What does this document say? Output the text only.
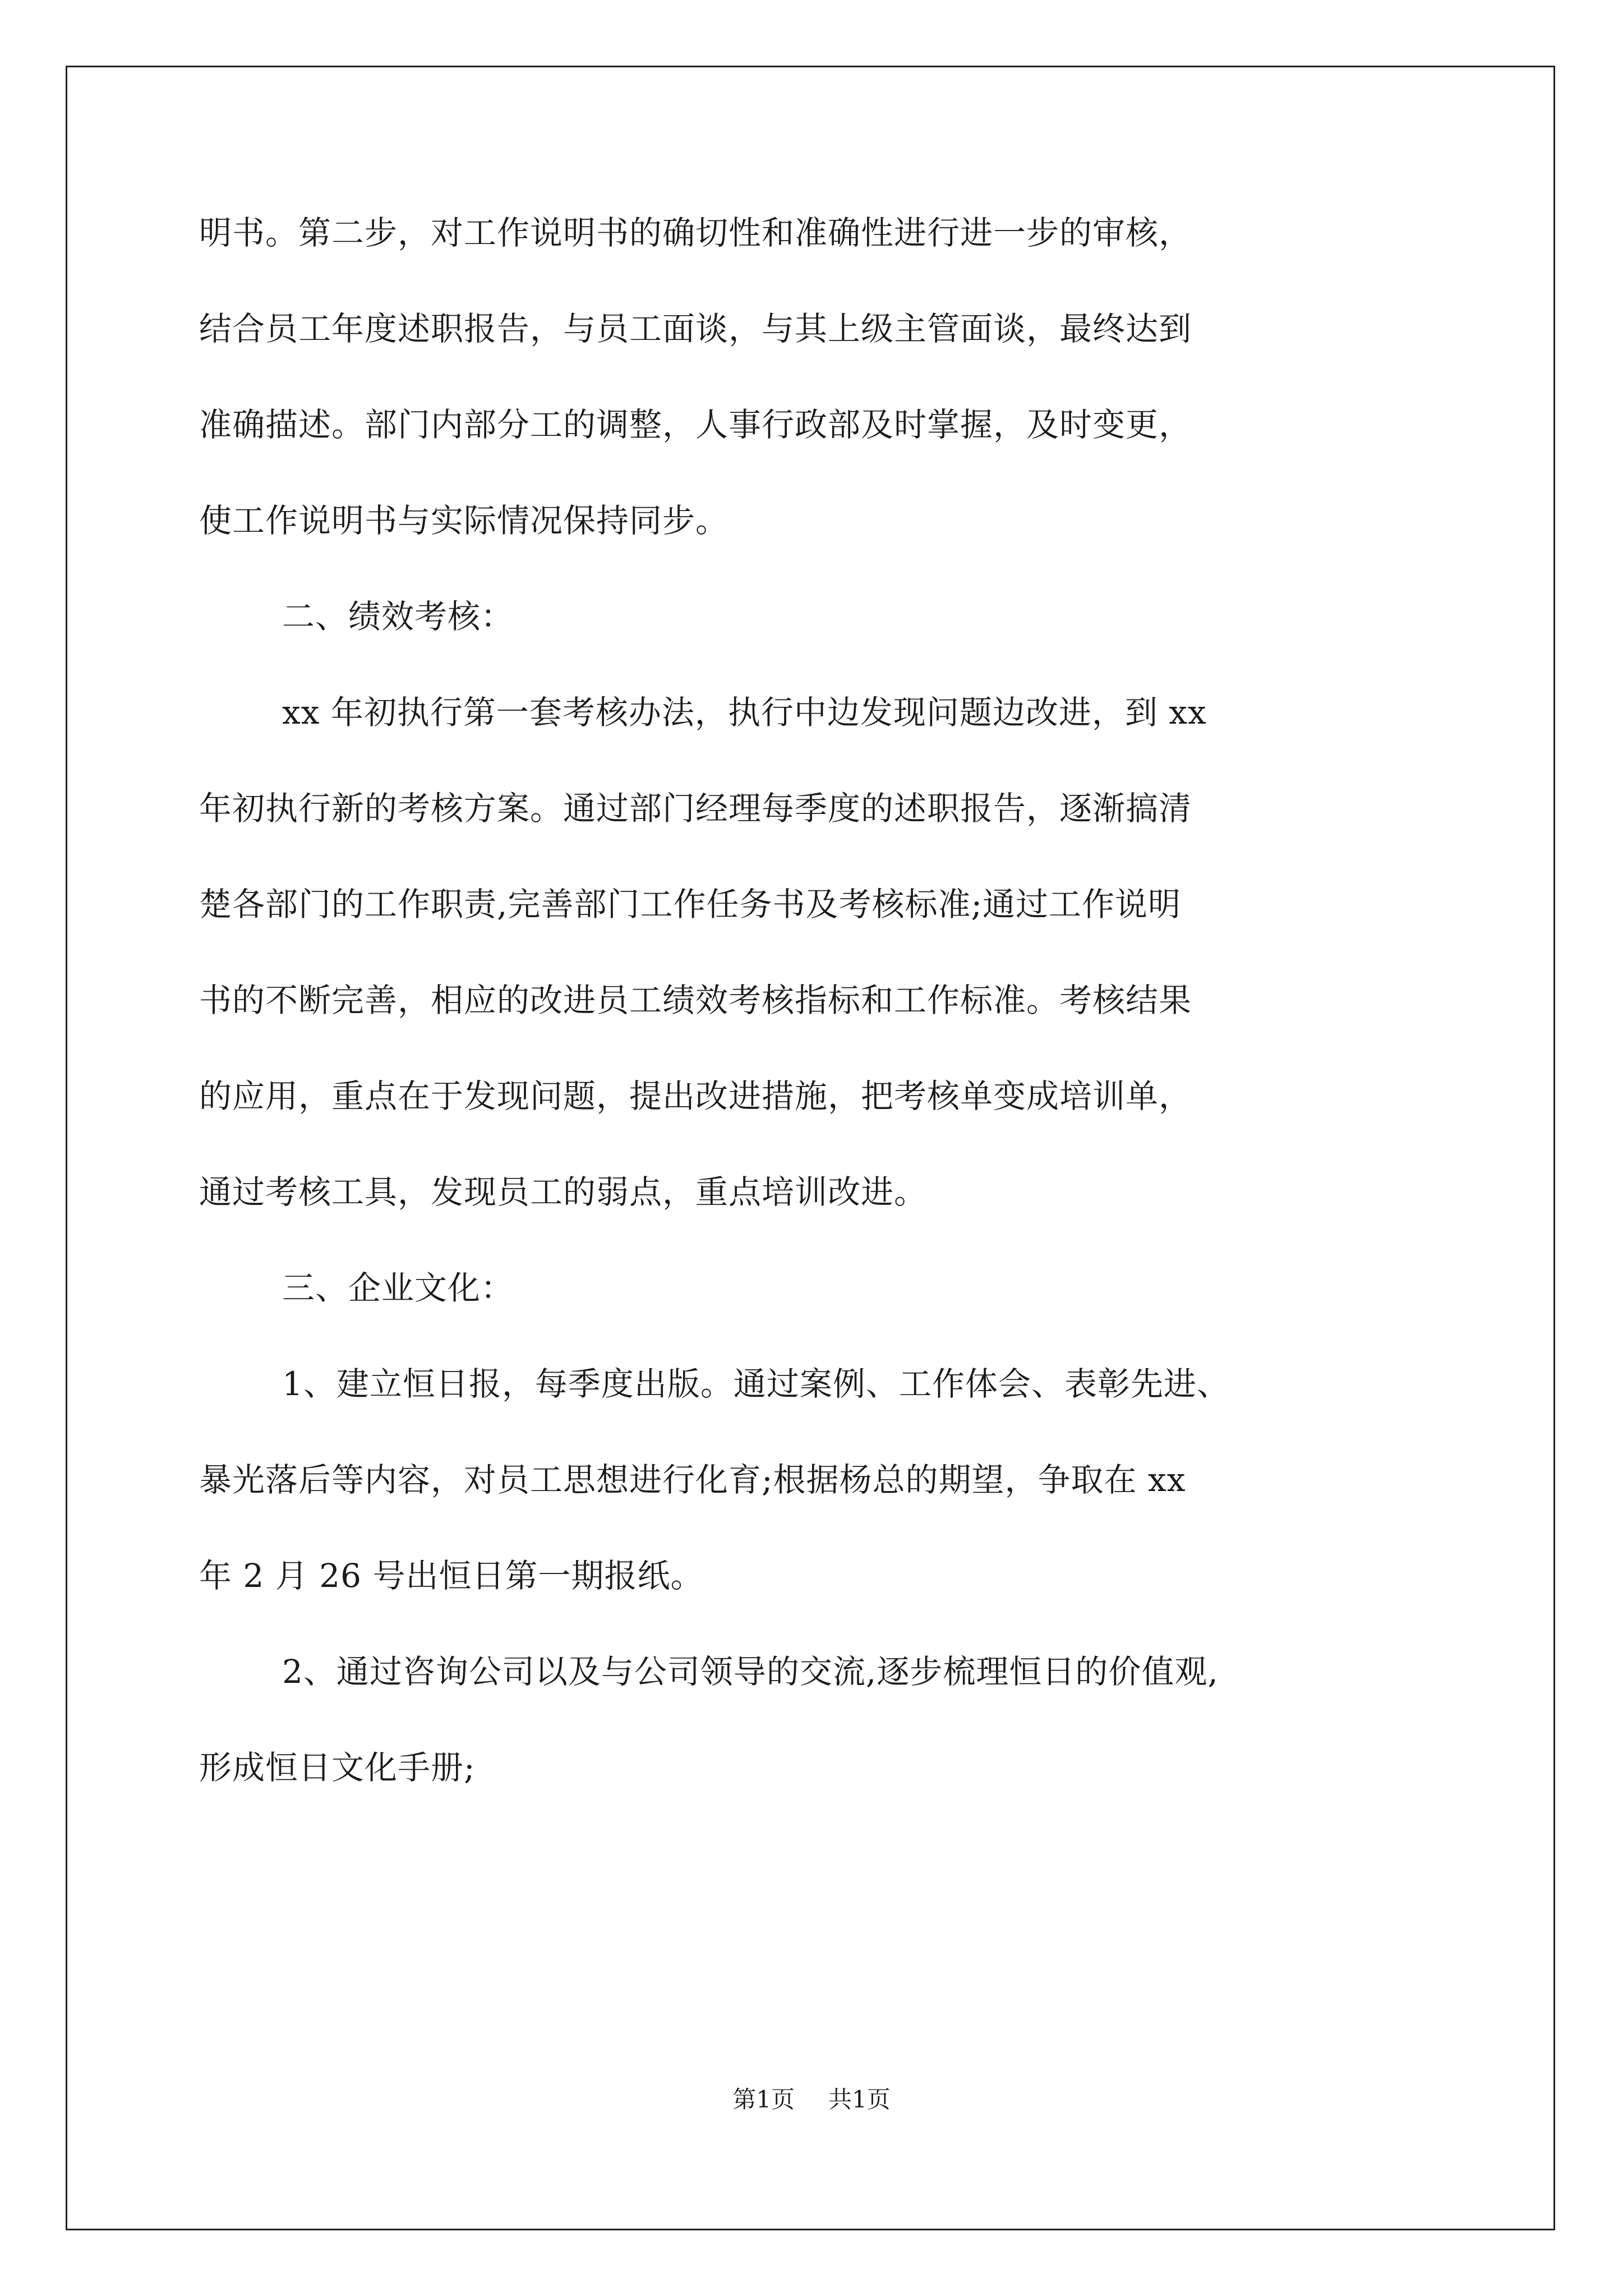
明书。第二步，对工作说明书的确切性和准确性进行进一步的审核，
结合员工年度述职报告，与员工面谈，与其上级主管面谈，最终达到
准确描述。部门内部分工的调整，人事行政部及时掌握，及时变更，
使工作说明书与实际情况保持同步。
二、绩效考核：
xx 年初执行第一套考核办法，执行中边发现问题边改进，到 xx
年初执行新的考核方案。通过部门经理每季度的述职报告，逐渐搞清
楚各部门的工作职责,完善部门工作任务书及考核标准;通过工作说明
书的不断完善，相应的改进员工绩效考核指标和工作标准。考核结果
的应用，重点在于发现问题，提出改进措施，把考核单变成培训单，
通过考核工具，发现员工的弱点，重点培训改进。
三、企业文化：
1、建立恒日报，每季度出版。通过案例、工作体会、表彰先进、
暴光落后等内容，对员工思想进行化育;根据杨总的期望，争取在 xx
年 2 月 26 号出恒日第一期报纸。
2、通过咨询公司以及与公司领导的交流,逐步梳理恒日的价值观,
形成恒日文化手册;
第1页 共1页
